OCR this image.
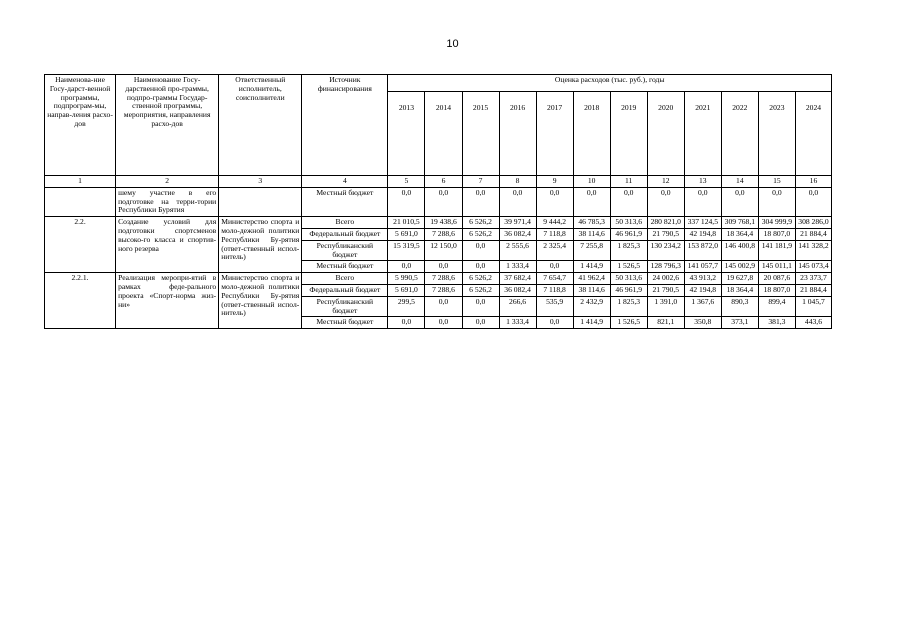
10
Наименова-ние Госу-дарст-венной программы, подпрограм-мы, направ-ления расхо-дов	Наименование Госу-дарственной про-граммы, подпро-граммы Государ-ственной программы, мероприятия, направления расхо-дов	Ответственный исполнитель, соисполнители	Источник финансирования	Оценка расходов (тыс. руб.), годы											
				2013	2014	2015	2016	2017	2018	2019	2020	2021	2022	2023	2024
1	2	3	4	5	6	7	8	9	10	11	12	13	14	15	16
	шему участие в его подготовке на терри-тории Республики Бурятия		Местный бюджет	0,0	0,0	0,0	0,0	0,0	0,0	0,0	0,0	0,0	0,0	0,0	0,0
2.2.	Создание условий для подготовки спортсменов высоко-го класса и спортив-ного резерва	Министерство спорта и моло-дежной политики Республики Бу-рятия (ответ-ственный испол-нитель)	Всего	21 010,5	19 438,6	6 526,2	39 971,4	9 444,2	46 785,3	50 313,6	280 821,0	337 124,5	309 768,1	304 999,9	308 286,0
			Федеральный бюджет	5 691,0	7 288,6	6 526,2	36 082,4	7 118,8	38 114,6	46 961,9	21 790,5	42 194,8	18 364,4	18 807,0	21 884,4
			Республиканский бюджет	15 319,5	12 150,0	0,0	2 555,6	2 325,4	7 255,8	1 825,3	130 234,2	153 872,0	146 400,8	141 181,9	141 328,2
			Местный бюджет	0,0	0,0	0,0	1 333,4	0,0	1 414,9	1 526,5	128 796,3	141 057,7	145 002,9	145 011,1	145 073,4
2.2.1.	Реализация меропри-ятий в рамках феде-рального проекта «Спорт-норма жиз-ни»	Министерство спорта и моло-дежной политики Республики Бу-рятия (ответ-ственный испол-нитель)	Всего	5 990,5	7 288,6	6 526,2	37 682,4	7 654,7	41 962,4	50 313,6	24 002,6	43 913,2	19 627,8	20 087,6	23 373,7
			Федеральный бюджет	5 691,0	7 288,6	6 526,2	36 082,4	7 118,8	38 114,6	46 961,9	21 790,5	42 194,8	18 364,4	18 807,0	21 884,4
			Республиканский бюджет	299,5	0,0	0,0	266,6	535,9	2 432,9	1 825,3	1 391,0	1 367,6	890,3	899,4	1 045,7
			Местный бюджет	0,0	0,0	0,0	1 333,4	0,0	1 414,9	1 526,5	821,1	350,8	373,1	381,3	443,6
